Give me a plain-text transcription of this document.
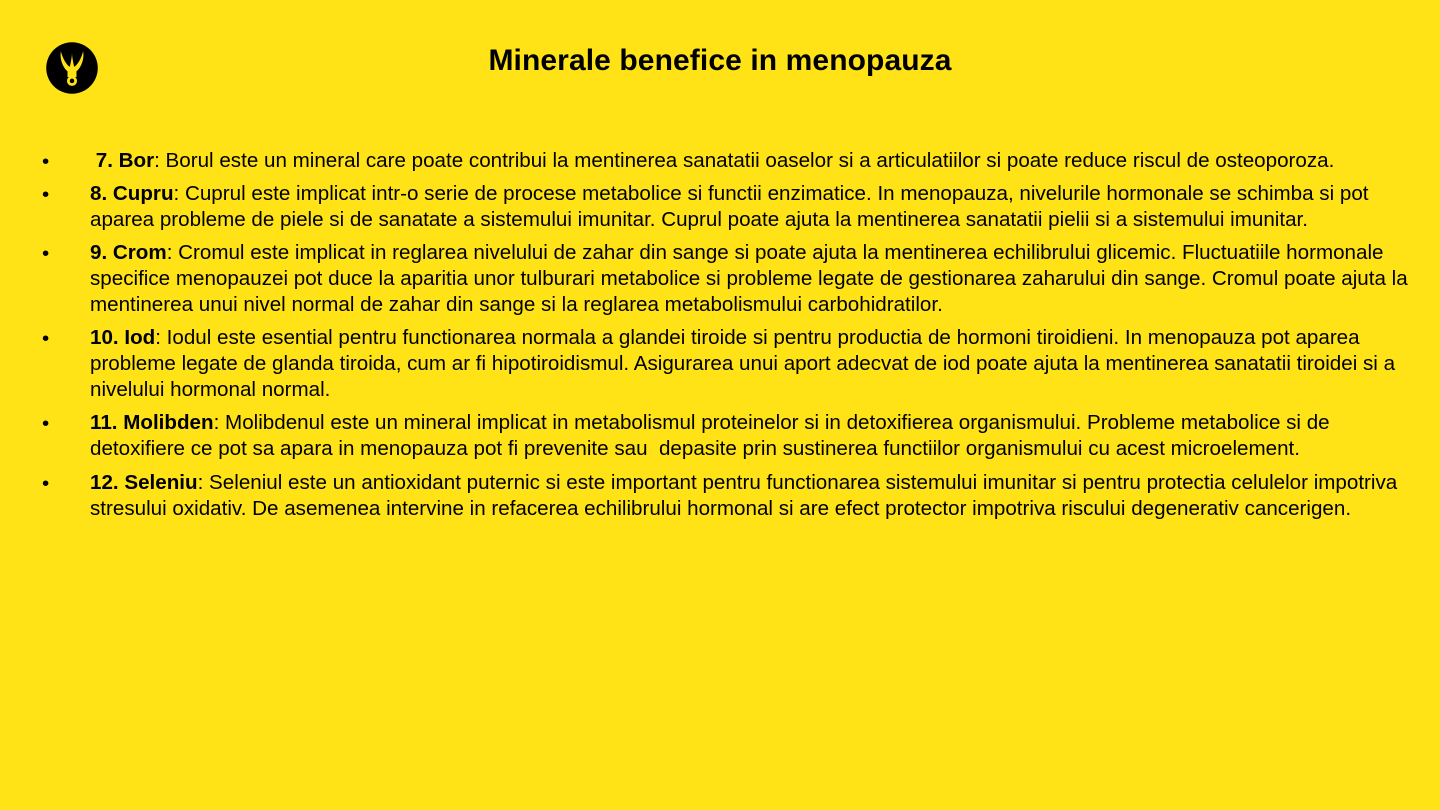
Minerale benefice in menopauza
• 7. Bor: Borul este un mineral care poate contribui la mentinerea sanatatii oaselor si a articulatiilor si poate reduce riscul de osteoporoza.
• 8. Cupru: Cuprul este implicat intr-o serie de procese metabolice si functii enzimatice. In menopauza, nivelurile hormonale se schimba si pot aparea probleme de piele si de sanatate a sistemului imunitar. Cuprul poate ajuta la mentinerea sanatatii pielii si a sistemului imunitar.
• 9. Crom: Cromul este implicat in reglarea nivelului de zahar din sange si poate ajuta la mentinerea echilibrului glicemic. Fluctuatiile hormonale specifice menopauzei pot duce la aparitia unor tulburari metabolice si probleme legate de gestionarea zaharului din sange. Cromul poate ajuta la mentinerea unui nivel normal de zahar din sange si la reglarea metabolismului carbohidratilor.
• 10. Iod: Iodul este esential pentru functionarea normala a glandei tiroide si pentru productia de hormoni tiroidieni. In menopauza pot aparea probleme legate de glanda tiroida, cum ar fi hipotiroidismul. Asigurarea unui aport adecvat de iod poate ajuta la mentinerea sanatatii tiroidei si a nivelului hormonal normal.
• 11. Molibden: Molibdenul este un mineral implicat in metabolismul proteinelor si in detoxifierea organismului. Probleme metabolice si de detoxifiere ce pot sa apara in menopauza pot fi prevenite sau  depasite prin sustinerea functiilor organismului cu acest microelement.
• 12. Seleniu: Seleniul este un antioxidant puternic si este important pentru functionarea sistemului imunitar si pentru protectia celulelor impotriva stresului oxidativ. De asemenea intervine in refacerea echilibrului hormonal si are efect protector impotriva riscului degenerativ cancerigen.
